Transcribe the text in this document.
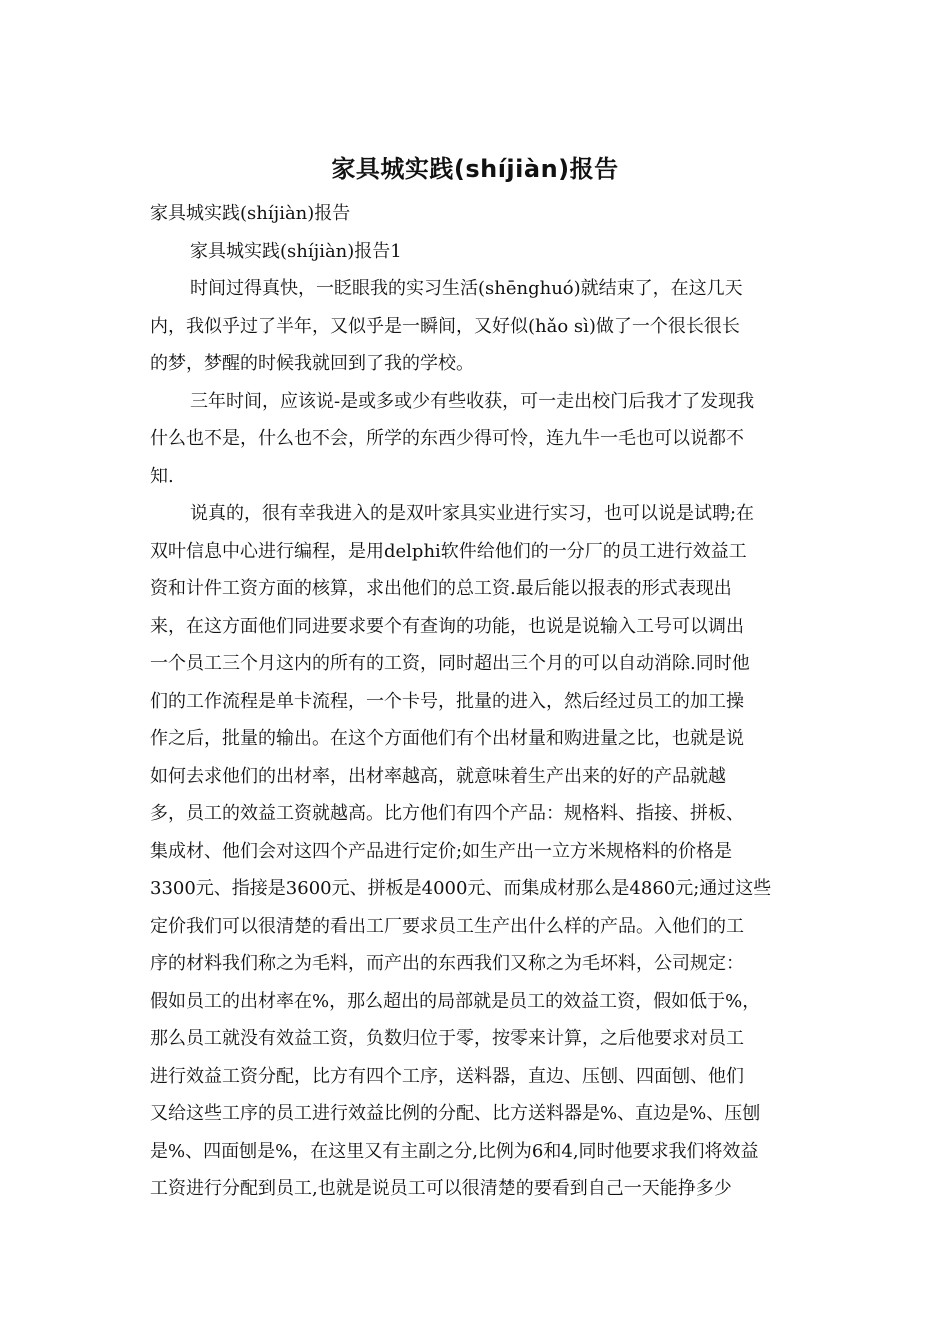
家具城实践(shíjiàn)报告
家具城实践(shíjiàn)报告
家具城实践(shíjiàn)报告1
时间过得真快，一眨眼我的实习生活(shēnghuó)就结束了，在这几天
内，我似乎过了半年，又似乎是一瞬间，又好似(hǎo sì)做了一个很长很长
的梦，梦醒的时候我就回到了我的学校。
三年时间，应该说-是或多或少有些收获，可一走出校门后我才了发现我
什么也不是，什么也不会，所学的东西少得可怜，连九牛一毛也可以说都不
知.
说真的，很有幸我进入的是双叶家具实业进行实习，也可以说是试聘;在
双叶信息中心进行编程，是用delphi软件给他们的一分厂的员工进行效益工
资和计件工资方面的核算，求出他们的总工资.最后能以报表的形式表现出
来，在这方面他们同进要求要个有查询的功能，也说是说输入工号可以调出
一个员工三个月这内的所有的工资，同时超出三个月的可以自动消除.同时他
们的工作流程是单卡流程，一个卡号，批量的进入，然后经过员工的加工操
作之后，批量的输出。在这个方面他们有个出材量和购进量之比，也就是说
如何去求他们的出材率，出材率越高，就意味着生产出来的好的产品就越
多，员工的效益工资就越高。比方他们有四个产品：规格料、指接、拼板、
集成材、他们会对这四个产品进行定价;如生产出一立方米规格料的价格是
3300元、指接是3600元、拼板是4000元、而集成材那么是4860元;通过这些
定价我们可以很清楚的看出工厂要求员工生产出什么样的产品。入他们的工
序的材料我们称之为毛料，而产出的东西我们又称之为毛坏料，公司规定：
假如员工的出材率在%，那么超出的局部就是员工的效益工资，假如低于%，
那么员工就没有效益工资，负数归位于零，按零来计算，之后他要求对员工
进行效益工资分配，比方有四个工序，送料器，直边、压刨、四面刨、他们
又给这些工序的员工进行效益比例的分配、比方送料器是%、直边是%、压刨
是%、四面刨是%，在这里又有主副之分,比例为6和4,同时他要求我们将效益
工资进行分配到员工,也就是说员工可以很清楚的要看到自己一天能挣多少
